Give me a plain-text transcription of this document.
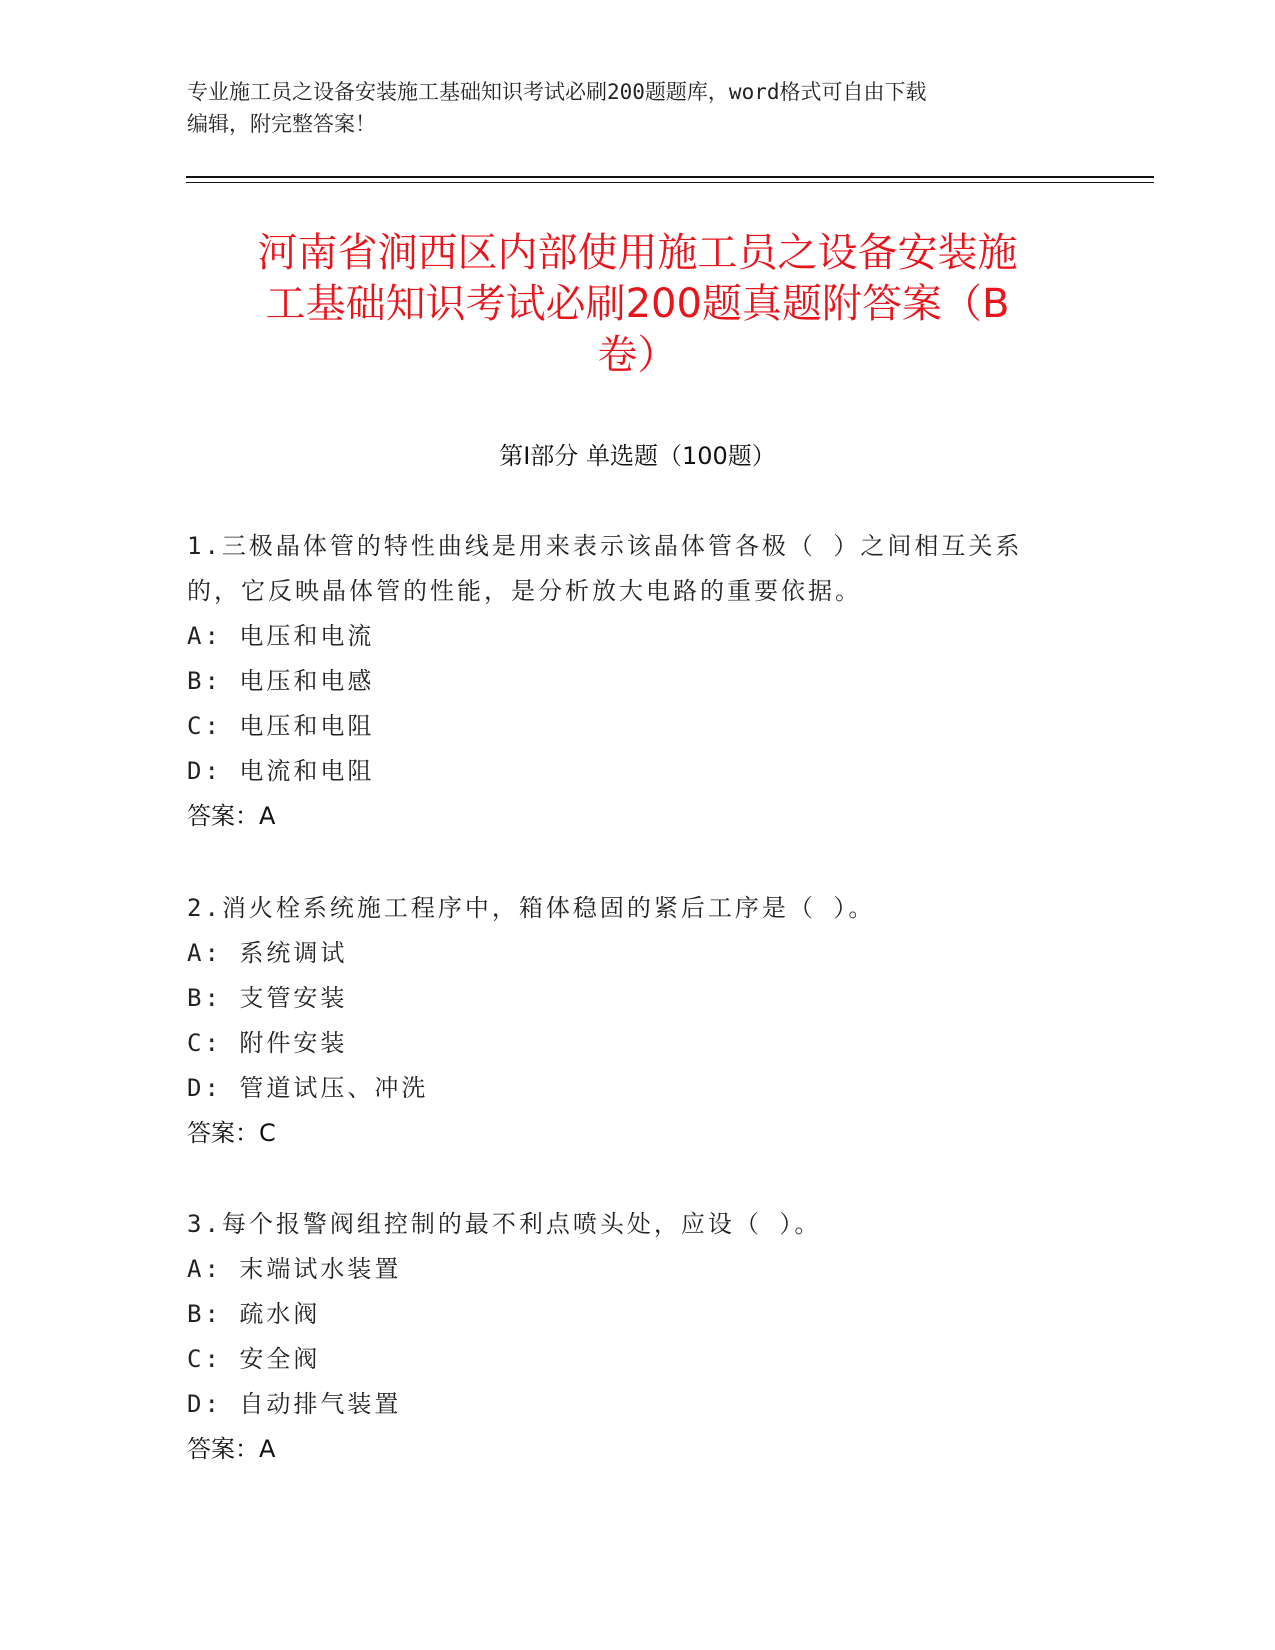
专业施工员之设备安装施工基础知识考试必刷200题题库，word格式可自由下载
编辑，附完整答案！
河南省涧西区内部使用施工员之设备安装施
工基础知识考试必刷200题真题附答案（B
卷）
第Ⅰ部分 单选题（100题）

1.三极晶体管的特性曲线是用来表示该晶体管各极（ ）之间相互关系
的，它反映晶体管的性能，是分析放大电路的重要依据。

A: 电压和电流

B: 电压和电感

C: 电压和电阻

D: 电流和电阻

答案：A

2.消火栓系统施工程序中，箱体稳固的紧后工序是（ ）。

A: 系统调试

B: 支管安装

C: 附件安装

D: 管道试压、冲洗

答案：C

3.每个报警阀组控制的最不利点喷头处，应设（ ）。

A: 末端试水装置

B: 疏水阀

C: 安全阀

D: 自动排气装置

答案：A
